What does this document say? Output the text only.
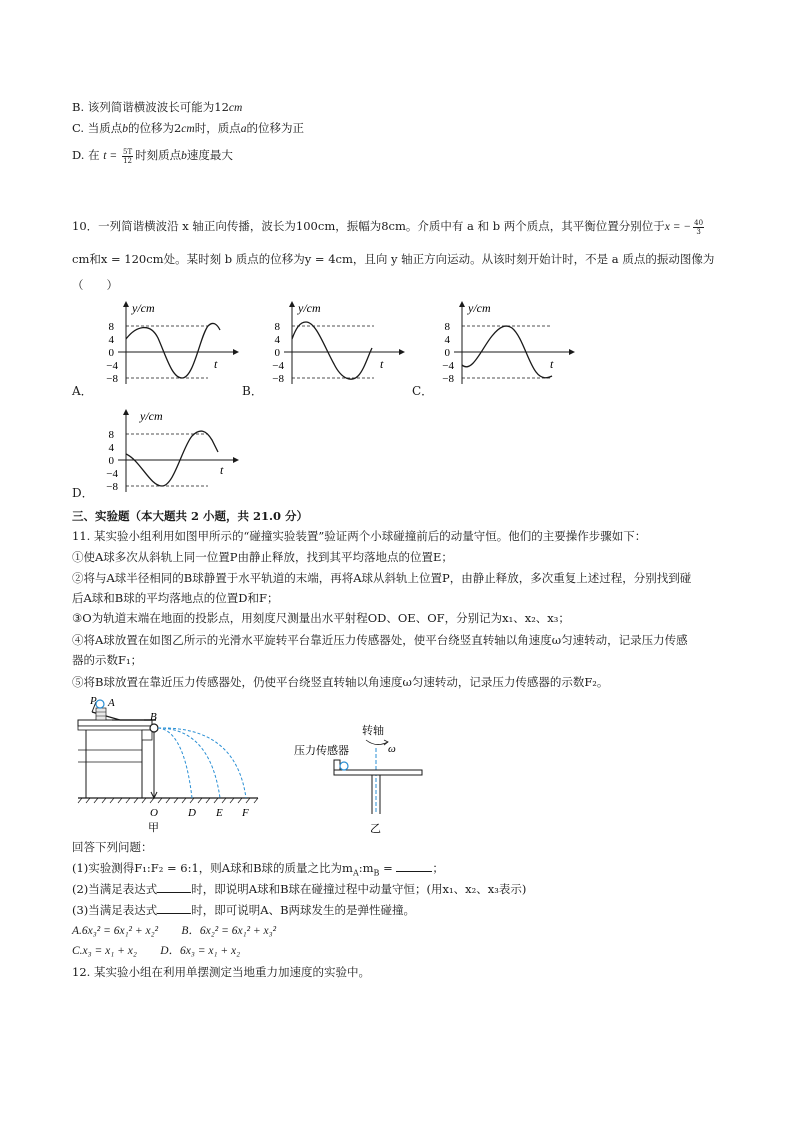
B. 该列简谐横波波长可能为12cm
C. 当质点b的位移为2cm时，质点a的位移为正
D. 在 $t = \frac{5T}{12}$ 时刻质点b速度最大
10．一列简谐横波沿 x 轴正向传播，波长为100cm，振幅为8cm。介质中有 a 和 b 两个质点，其平衡位置分别位于x = − $\frac{40}{3}$
cm和x = 120cm处。某时刻 b 质点的位移为y = 4cm，且向 y 轴正方向运动。从该时刻开始计时，不是 a 质点的振动图像为
（　　）
A．
y/cm
t
8
4
0
−4
−8
B．
y/cm
t
8
4
0
−4
−8
C．
y/cm
t
8
4
0
−4
−8
D．
y/cm
t
8
4
0
−4
−8
三、实验题（本大题共 2 小题，共 21.0 分）
11. 某实验小组利用如图甲所示的“碰撞实验装置”验证两个小球碰撞前后的动量守恒。他们的主要操作步骤如下：
①使A球多次从斜轨上同一位置P由静止释放，找到其平均落地点的位置E；
②将与A球半径相同的B球静置于水平轨道的末端，再将A球从斜轨上位置P，由静止释放，多次重复上述过程，分别找到碰
后A球和B球的平均落地点的位置D和F；
③O为轨道末端在地面的投影点，用刻度尺测量出水平射程OD、OE、OF，分别记为x₁、x₂、x₃；
④将A球放置在如图乙所示的光滑水平旋转平台靠近压力传感器处，使平台绕竖直转轴以角速度ω匀速转动，记录压力传感
器的示数F₁；
⑤将B球放置在靠近压力传感器处，仍使平台绕竖直转轴以角速度ω匀速转动，记录压力传感器的示数F₂。
P A
B
O	D E F
甲
转轴
ω
压力传感器
乙
回答下列问题：
(1)实验测得F₁:F₂ = 6:1，则A球和B球的质量之比为$m_A:m_B$ =	；
(2)当满足表达式	时，即说明A球和B球在碰撞过程中动量守恒；(用x₁、x₂、x₃表示)
(3)当满足表达式	时，即可说明A、B两球发生的是弹性碰撞。
A.6x₃² = 6x₁² + x₂² B．6x₂² = 6x₁² + x₃²
C.x₃ = x₁ + x₂ D．6x₃ = x₁ + x₂
12. 某实验小组在利用单摆测定当地重力加速度的实验中。
